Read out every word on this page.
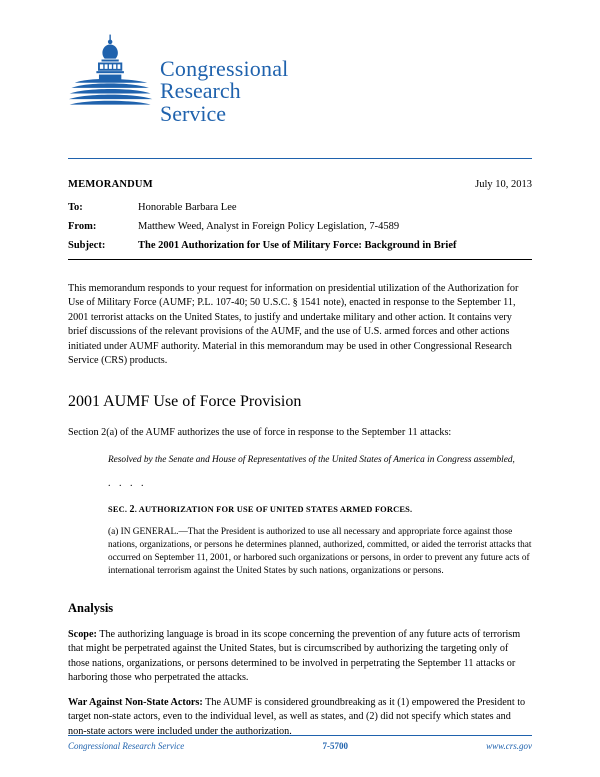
Congressional
Research
Service
MEMORANDUM	July 10, 2013
To:	Honorable Barbara Lee
From:	Matthew Weed, Analyst in Foreign Policy Legislation, 7-4589
Subject:	The 2001 Authorization for Use of Military Force: Background in Brief

This memorandum responds to your request for information on presidential utilization of the Authorization for Use of Military Force (AUMF; P.L. 107-40; 50 U.S.C. § 1541 note), enacted in response to the September 11, 2001 terrorist attacks on the United States, to justify and undertake military and other action. It contains very brief discussions of the relevant provisions of the AUMF, and the use of U.S. armed forces and other actions initiated under AUMF authority. Material in this memorandum may be used in other Congressional Research Service (CRS) products.

2001 AUMF Use of Force Provision

Section 2(a) of the AUMF authorizes the use of force in response to the September 11 attacks:

Resolved by the Senate and House of Representatives of the United States of America in Congress assembled,

. . . .

SEC. 2. AUTHORIZATION FOR USE OF UNITED STATES ARMED FORCES.

(a) IN GENERAL.—That the President is authorized to use all necessary and appropriate force against those nations, organizations, or persons he determines planned, authorized, committed, or aided the terrorist attacks that occurred on September 11, 2001, or harbored such organizations or persons, in order to prevent any future acts of international terrorism against the United States by such nations, organizations or persons.

Analysis

Scope: The authorizing language is broad in its scope concerning the prevention of any future acts of terrorism that might be perpetrated against the United States, but is circumscribed by authorizing the targeting only of those nations, organizations, or persons determined to be involved in perpetrating the September 11 attacks or harboring those who perpetrated the attacks.

War Against Non-State Actors: The AUMF is considered groundbreaking as it (1) empowered the President to target non-state actors, even to the individual level, as well as states, and (2) did not specify which states and non-state actors were included under the authorization.

Congressional Research Service	7-5700	www.crs.gov
